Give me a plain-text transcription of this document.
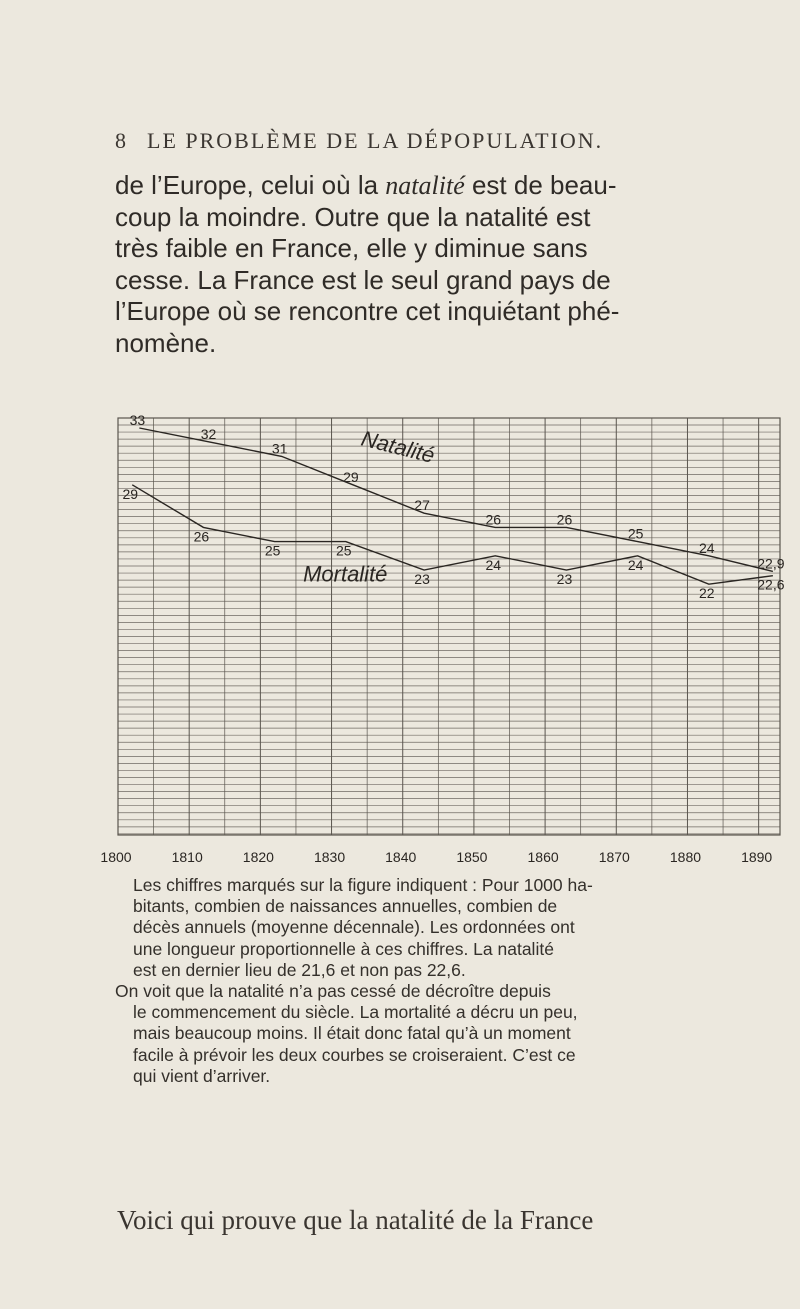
8 LE PROBLÈME DE LA DÉPOPULATION.
de l’Europe, celui où la natalité est de beau-
coup la moindre. Outre que la natalité est
très faible en France, elle y diminue sans
cesse. La France est le seul grand pays de
l’Europe où se rencontre cet inquiétant phé-
nomène.
1800	1810	1820	1830	1840	1850	1860	1870	1880	1890
33
32
31
29
27
26	26
25
24
22,9
29
26
25	25
23
24
23
24
22
22,6
Natalité
Mortalité
Les chiffres marqués sur la figure indiquent : Pour 1000 ha-
bitants, combien de naissances annuelles, combien de
décès annuels (moyenne décennale). Les ordonnées ont
une longueur proportionnelle à ces chiffres. La natalité
est en dernier lieu de 21,6 et non pas 22,6.
On voit que la natalité n’a pas cessé de décroître depuis
le commencement du siècle. La mortalité a décru un peu,
mais beaucoup moins. Il était donc fatal qu’à un moment
facile à prévoir les deux courbes se croiseraient. C’est ce
qui vient d’arriver.
Voici qui prouve que la natalité de la France
